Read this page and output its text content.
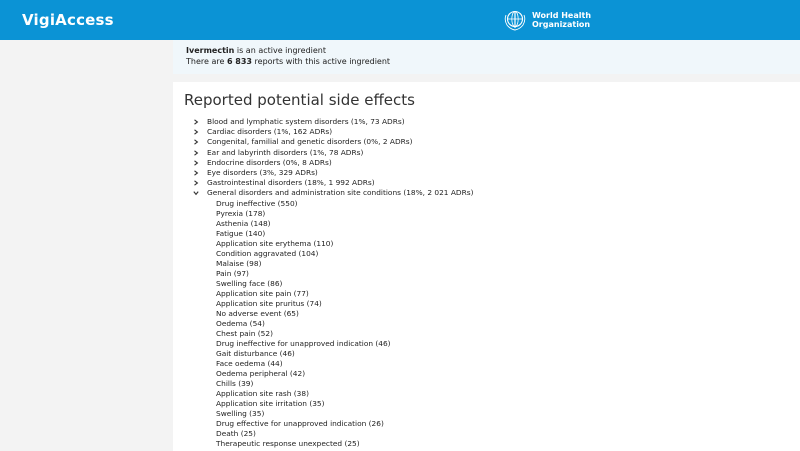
VigiAccess	World Health
Organization
Ivermectin is an active ingredient
There are 6 833 reports with this active ingredient
Reported potential side effects
Blood and lymphatic system disorders (1%, 73 ADRs)
Cardiac disorders (1%, 162 ADRs)
Congenital, familial and genetic disorders (0%, 2 ADRs)
Ear and labyrinth disorders (1%, 78 ADRs)
Endocrine disorders (0%, 8 ADRs)
Eye disorders (3%, 329 ADRs)
Gastrointestinal disorders (18%, 1 992 ADRs)
General disorders and administration site conditions (18%, 2 021 ADRs)
Drug ineffective (550)
Pyrexia (178)
Asthenia (148)
Fatigue (140)
Application site erythema (110)
Condition aggravated (104)
Malaise (98)
Pain (97)
Swelling face (86)
Application site pain (77)
Application site pruritus (74)
No adverse event (65)
Oedema (54)
Chest pain (52)
Drug ineffective for unapproved indication (46)
Gait disturbance (46)
Face oedema (44)
Oedema peripheral (42)
Chills (39)
Application site rash (38)
Application site irritation (35)
Swelling (35)
Drug effective for unapproved indication (26)
Death (25)
Therapeutic response unexpected (25)
